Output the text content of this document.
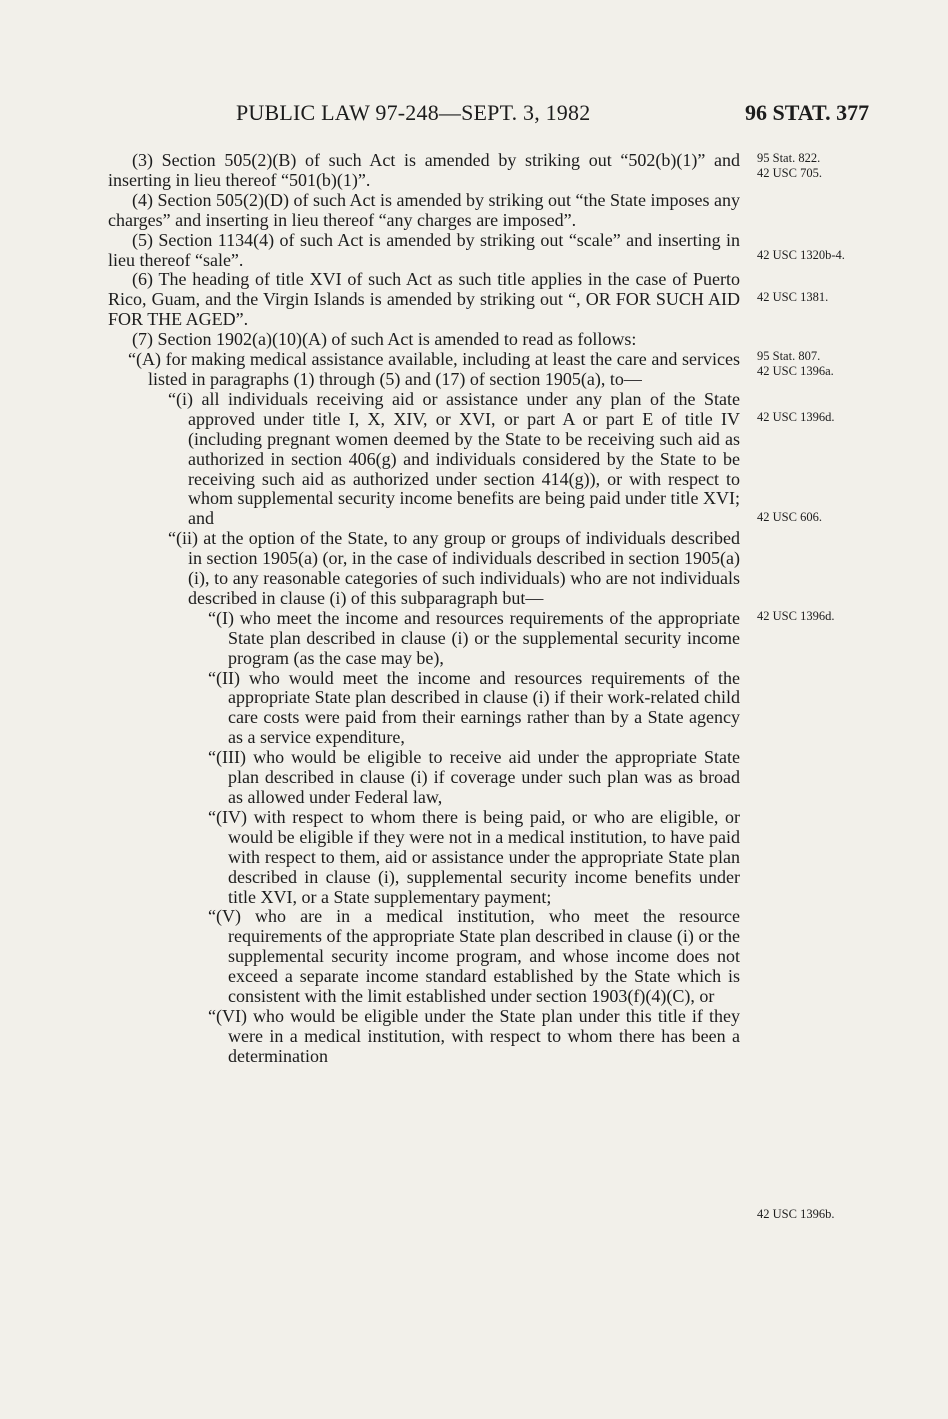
PUBLIC LAW 97-248—SEPT. 3, 1982	96 STAT. 377

(3) Section 505(2)(B) of such Act is amended by striking out “502(b)(1)” and inserting in lieu thereof “501(b)(1)”.

(4) Section 505(2)(D) of such Act is amended by striking out “the State imposes any charges” and inserting in lieu thereof “any charges are imposed”.

(5) Section 1134(4) of such Act is amended by striking out “scale” and inserting in lieu thereof “sale”.

(6) The heading of title XVI of such Act as such title applies in the case of Puerto Rico, Guam, and the Virgin Islands is amended by striking out “, OR FOR SUCH AID FOR THE AGED”.

(7) Section 1902(a)(10)(A) of such Act is amended to read as follows:

“(A) for making medical assistance available, including at least the care and services listed in paragraphs (1) through (5) and (17) of section 1905(a), to—

“(i) all individuals receiving aid or assistance under any plan of the State approved under title I, X, XIV, or XVI, or part A or part E of title IV (including pregnant women deemed by the State to be receiving such aid as authorized in section 406(g) and individuals considered by the State to be receiving such aid as authorized under section 414(g)), or with respect to whom supplemental security income benefits are being paid under title XVI; and

“(ii) at the option of the State, to any group or groups of individuals described in section 1905(a) (or, in the case of individuals described in section 1905(a)(i), to any reasonable categories of such individuals) who are not individuals described in clause (i) of this subparagraph but—

“(I) who meet the income and resources requirements of the appropriate State plan described in clause (i) or the supplemental security income program (as the case may be),

“(II) who would meet the income and resources requirements of the appropriate State plan described in clause (i) if their work-related child care costs were paid from their earnings rather than by a State agency as a service expenditure,

“(III) who would be eligible to receive aid under the appropriate State plan described in clause (i) if coverage under such plan was as broad as allowed under Federal law,

“(IV) with respect to whom there is being paid, or who are eligible, or would be eligible if they were not in a medical institution, to have paid with respect to them, aid or assistance under the appropriate State plan described in clause (i), supplemental security income benefits under title XVI, or a State supplementary payment;

“(V) who are in a medical institution, who meet the resource requirements of the appropriate State plan described in clause (i) or the supplemental security income program, and whose income does not exceed a separate income standard established by the State which is consistent with the limit established under section 1903(f)(4)(C), or

“(VI) who would be eligible under the State plan under this title if they were in a medical institution, with respect to whom there has been a determination

95 Stat. 822.
42 USC 705.
42 USC 1320b-4.
42 USC 1381.
95 Stat. 807.
42 USC 1396a.
42 USC 1396d.
42 USC 606.
42 USC 1396d.
42 USC 1396b.
